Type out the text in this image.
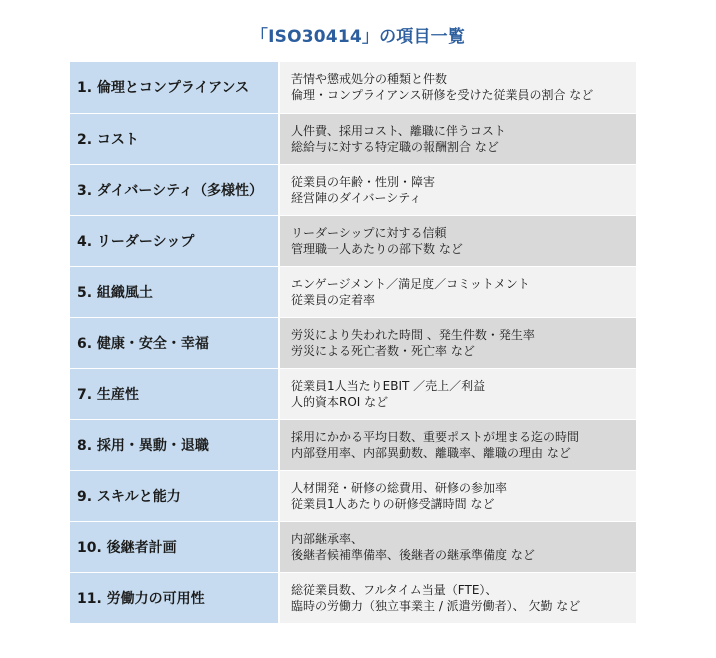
「ISO30414」の項目一覧
1. 倫理とコンプライアンス	苦情や懲戒処分の種類と件数
倫理・コンプライアンス研修を受けた従業員の割合 など

2. コスト	人件費、採用コスト、離職に伴うコスト
総給与に対する特定職の報酬割合 など

3. ダイバーシティ（多様性）	従業員の年齢・性別・障害
経営陣のダイバーシティ

4. リーダーシップ	リーダーシップに対する信頼
管理職一人あたりの部下数 など

5. 組織風土	エンゲージメント／満足度／コミットメント
従業員の定着率

6. 健康・安全・幸福	労災により失われた時間 、発生件数・発生率
労災による死亡者数・死亡率 など

7. 生産性	従業員1人当たりEBIT ／売上／利益
人的資本ROI など

8. 採用・異動・退職	採用にかかる平均日数、重要ポストが埋まる迄の時間
内部登用率、内部異動数、離職率、離職の理由 など

9. スキルと能力	人材開発・研修の総費用、研修の参加率
従業員1人あたりの研修受講時間 など

10. 後継者計画	内部継承率、
後継者候補準備率、後継者の継承準備度 など

11. 労働力の可用性	総従業員数、フルタイム当量（FTE）、
臨時の労働力（独立事業主 / 派遣労働者）、 欠勤 など
